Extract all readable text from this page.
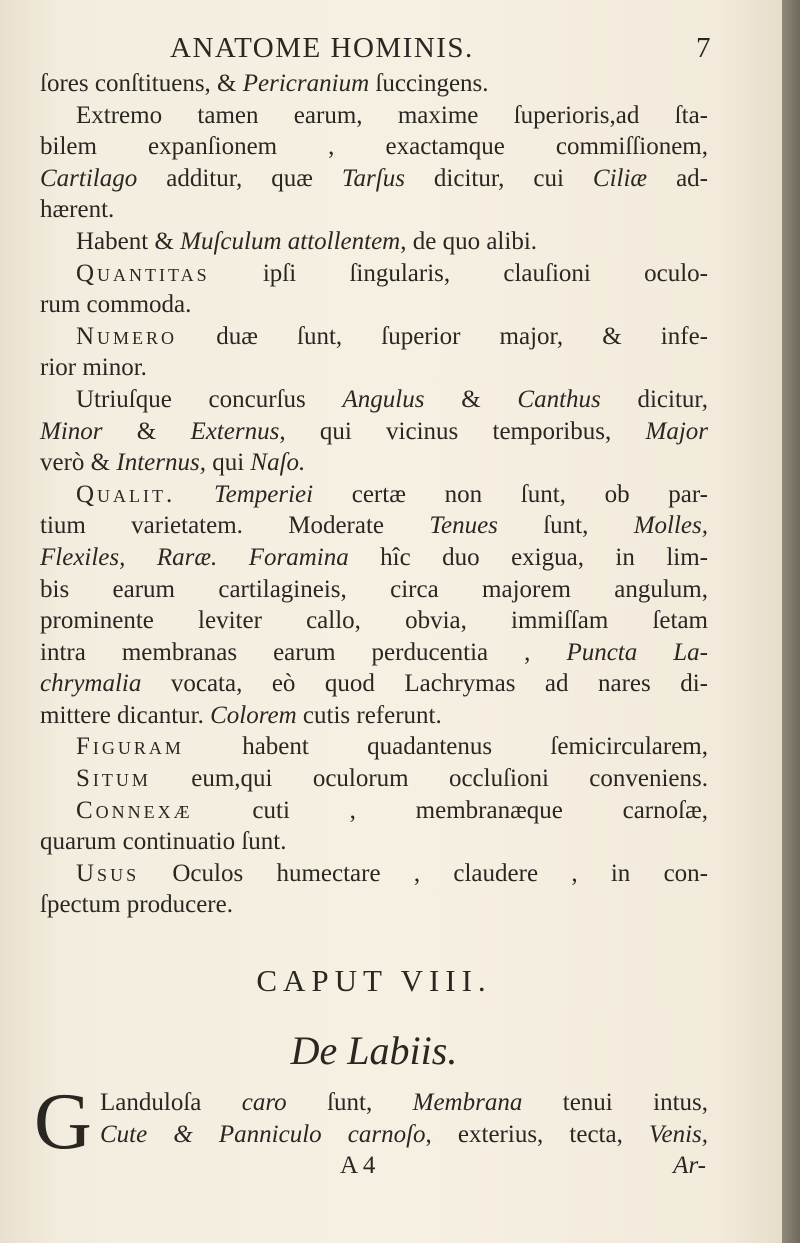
ANATOME HOMINIS.	7
ſores conſtituens, & Pericranium ſuccingens.
Extremo tamen earum, maxime ſuperioris,ad ſta-
bilem expanſionem , exactamque commiſſionem,
Cartilago additur, quæ Tarſus dicitur, cui Ciliæ ad-
hærent.
Habent & Muſculum attollentem, de quo alibi.
Quantitas ipſi ſingularis, clauſioni oculo-
rum commoda.
Numero duæ ſunt, ſuperior major, & infe-
rior minor.
Utriuſque concurſus Angulus & Canthus dicitur,
Minor & Externus, qui vicinus temporibus, Major
verò & Internus, qui Naſo.
Qualit. Temperiei certæ non ſunt, ob par-
tium varietatem. Moderate Tenues ſunt, Molles,
Flexiles, Raræ. Foramina hîc duo exigua, in lim-
bis earum cartilagineis, circa majorem angulum,
prominente leviter callo, obvia, immiſſam ſetam
intra membranas earum perducentia , Puncta La-
chrymalia vocata, eò quod Lachrymas ad nares di-
mittere dicantur. Colorem cutis referunt.
Figuram habent quadantenus ſemicircularem,
Situm eum,qui oculorum occluſioni conveniens.
Connexæ cuti , membranæque carnoſæ,
quarum continuatio ſunt.
Usus Oculos humectare , claudere , in con-
ſpectum producere.
CAPUT VIII.
De Labiis.
G Landuloſa caro ſunt, Membrana tenui intus,
Cute & Panniculo carnoſo, exterius, tecta, Venis,
A 4	Ar-
